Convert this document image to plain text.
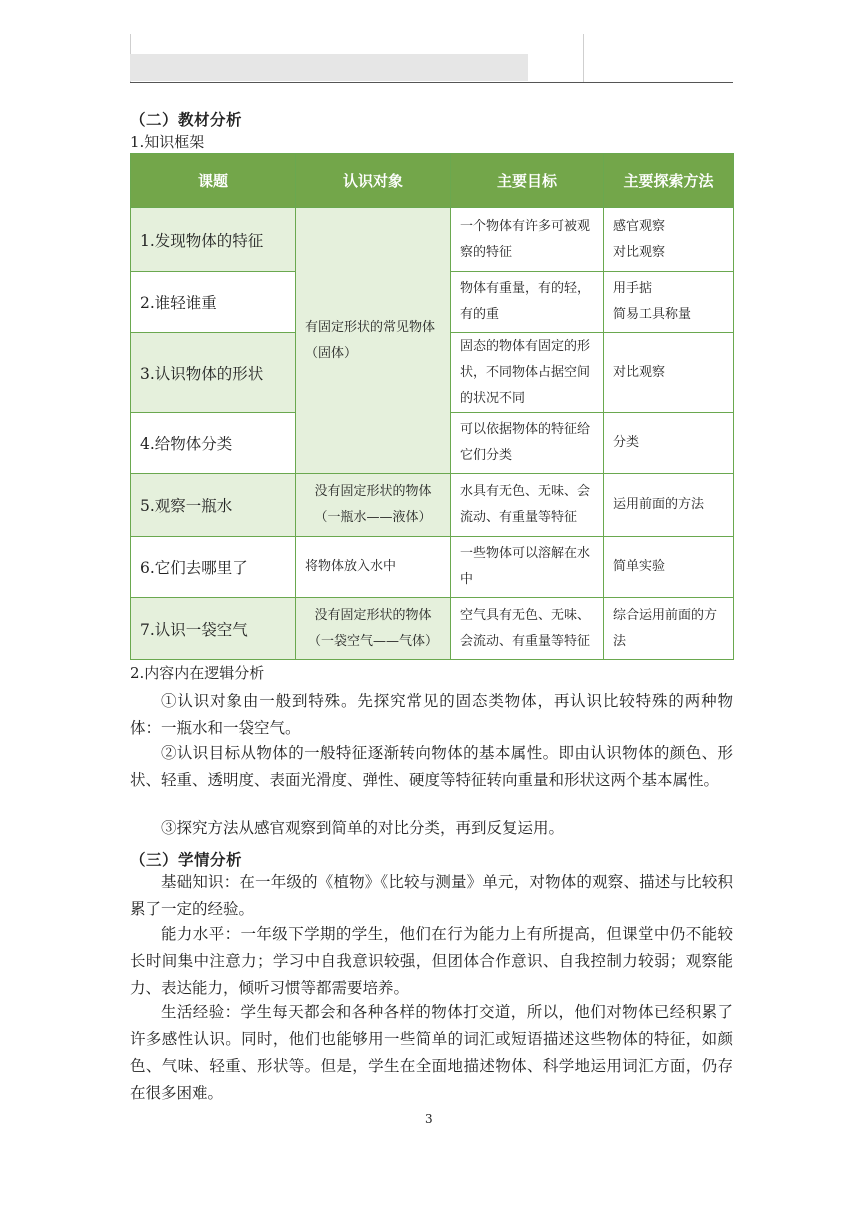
（二）教材分析
1.知识框架
课题	认识对象	主要目标	主要探索方法
1.发现物体的特征	有固定形状的常见物体（固体）	一个物体有许多可被观察的特征	感官观察
对比观察
2.谁轻谁重		物体有重量，有的轻，有的重	用手掂
简易工具称量
3.认识物体的形状		固态的物体有固定的形状，不同物体占据空间的状况不同	对比观察
4.给物体分类		可以依据物体的特征给它们分类	分类
5.观察一瓶水	没有固定形状的物体（一瓶水——液体）	水具有无色、无味、会流动、有重量等特征	运用前面的方法
6.它们去哪里了	将物体放入水中	一些物体可以溶解在水中	简单实验
7.认识一袋空气	没有固定形状的物体（一袋空气——气体）	空气具有无色、无味、会流动、有重量等特征	综合运用前面的方法
2.内容内在逻辑分析

①认识对象由一般到特殊。先探究常见的固态类物体，再认识比较特殊的两种物体：一瓶水和一袋空气。

②认识目标从物体的一般特征逐渐转向物体的基本属性。即由认识物体的颜色、形状、轻重、透明度、表面光滑度、弹性、硬度等特征转向重量和形状这两个基本属性。

③探究方法从感官观察到简单的对比分类，再到反复运用。

（三）学情分析

基础知识：在一年级的《植物》《比较与测量》单元，对物体的观察、描述与比较积累了一定的经验。

能力水平：一年级下学期的学生，他们在行为能力上有所提高，但课堂中仍不能较长时间集中注意力；学习中自我意识较强，但团体合作意识、自我控制力较弱；观察能力、表达能力，倾听习惯等都需要培养。

生活经验：学生每天都会和各种各样的物体打交道，所以，他们对物体已经积累了许多感性认识。同时，他们也能够用一些简单的词汇或短语描述这些物体的特征，如颜色、气味、轻重、形状等。但是，学生在全面地描述物体、科学地运用词汇方面，仍存在很多困难。

3
